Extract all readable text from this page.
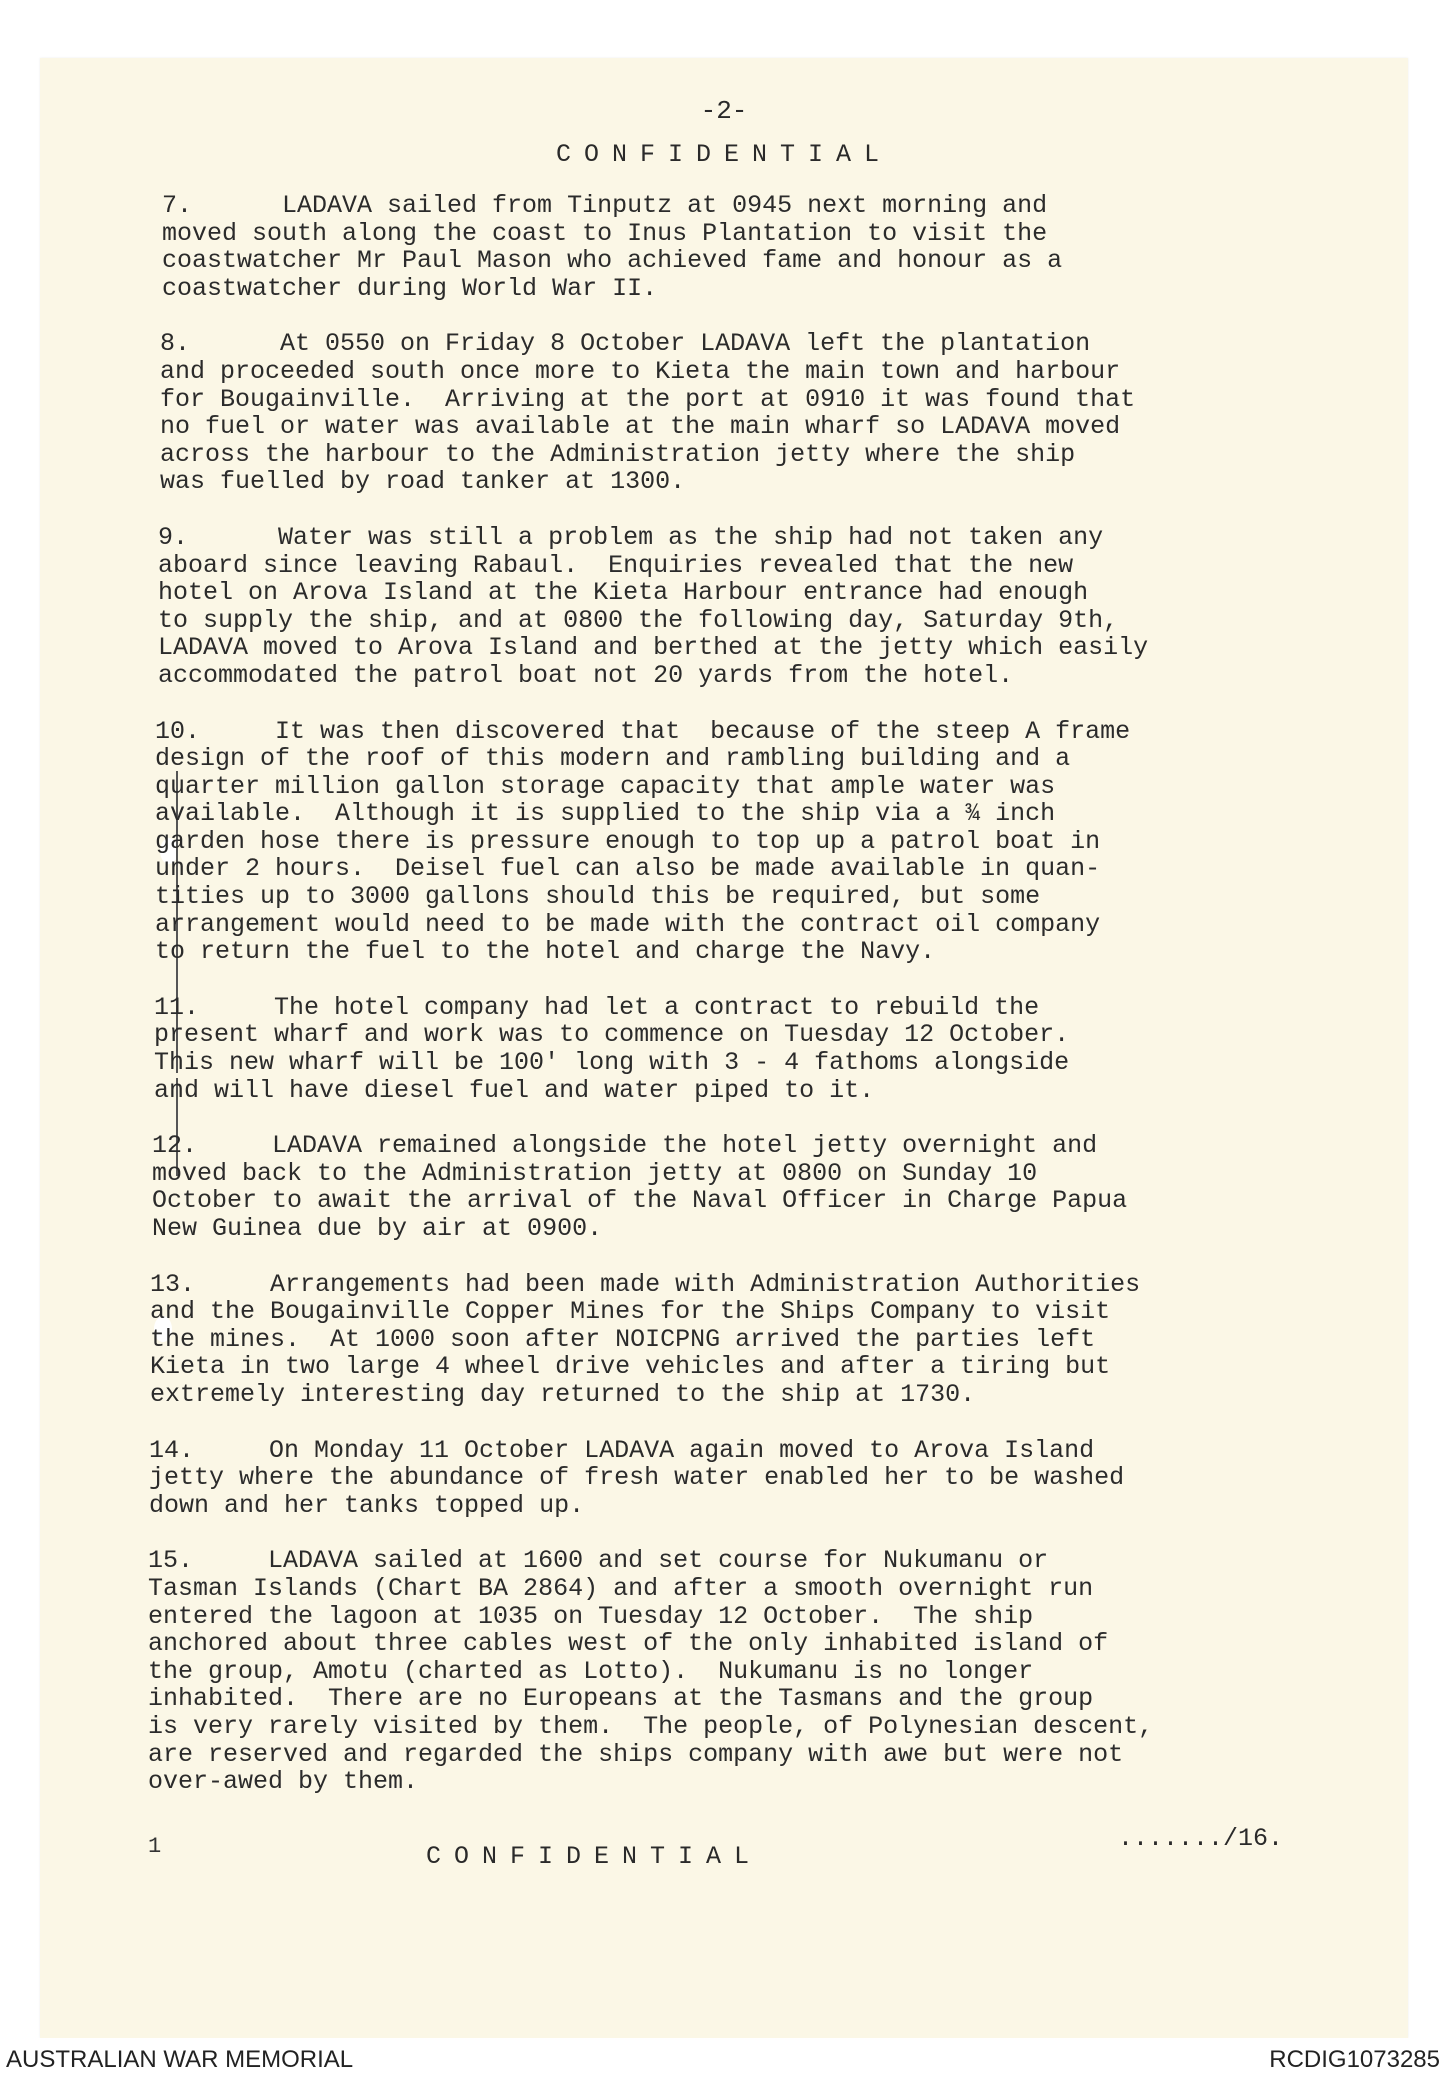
-2-
CONFIDENTIAL

7.      LADAVA sailed from Tinputz at 0945 next morning and
moved south along the coast to Inus Plantation to visit the
coastwatcher Mr Paul Mason who achieved fame and honour as a
coastwatcher during World War II.

8.      At 0550 on Friday 8 October LADAVA left the plantation
and proceeded south once more to Kieta the main town and harbour
for Bougainville.  Arriving at the port at 0910 it was found that
no fuel or water was available at the main wharf so LADAVA moved
across the harbour to the Administration jetty where the ship
was fuelled by road tanker at 1300.

9.      Water was still a problem as the ship had not taken any
aboard since leaving Rabaul.  Enquiries revealed that the new
hotel on Arova Island at the Kieta Harbour entrance had enough
to supply the ship, and at 0800 the following day, Saturday 9th,
LADAVA moved to Arova Island and berthed at the jetty which easily
accommodated the patrol boat not 20 yards from the hotel.

10.     It was then discovered that  because of the steep A frame
design of the roof of this modern and rambling building and a
quarter million gallon storage capacity that ample water was
available.  Although it is supplied to the ship via a ¾ inch
garden hose there is pressure enough to top up a patrol boat in
under 2 hours.  Deisel fuel can also be made available in quan-
tities up to 3000 gallons should this be required, but some
arrangement would need to be made with the contract oil company
to return the fuel to the hotel and charge the Navy.

11.     The hotel company had let a contract to rebuild the
present wharf and work was to commence on Tuesday 12 October.
This new wharf will be 100' long with 3 - 4 fathoms alongside
and will have diesel fuel and water piped to it.

12.     LADAVA remained alongside the hotel jetty overnight and
moved back to the Administration jetty at 0800 on Sunday 10
October to await the arrival of the Naval Officer in Charge Papua
New Guinea due by air at 0900.

13.     Arrangements had been made with Administration Authorities
and the Bougainville Copper Mines for the Ships Company to visit
the mines.  At 1000 soon after NOICPNG arrived the parties left
Kieta in two large 4 wheel drive vehicles and after a tiring but
extremely interesting day returned to the ship at 1730.

14.     On Monday 11 October LADAVA again moved to Arova Island
jetty where the abundance of fresh water enabled her to be washed
down and her tanks topped up.

15.     LADAVA sailed at 1600 and set course for Nukumanu or
Tasman Islands (Chart BA 2864) and after a smooth overnight run
entered the lagoon at 1035 on Tuesday 12 October.  The ship
anchored about three cables west of the only inhabited island of
the group, Amotu (charted as Lotto).  Nukumanu is no longer
inhabited.  There are no Europeans at the Tasmans and the group
is very rarely visited by them.  The people, of Polynesian descent,
are reserved and regarded the ships company with awe but were not
over-awed by them.

1	CONFIDENTIAL
......./16.
AUSTRALIAN WAR MEMORIAL	RCDIG1073285
